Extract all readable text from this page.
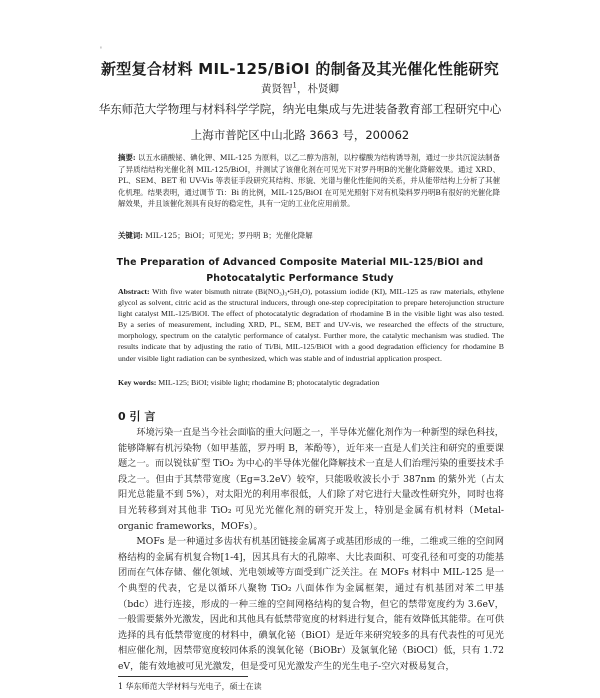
'
新型复合材料 MIL-125/BiOI 的制备及其光催化性能研究
黄贤智$^1$，朴贤卿
华东师范大学物理与材料科学学院，纳光电集成与先进装备教育部工程研究中心
上海市普陀区中山北路 3663 号，200062
摘要: 以五水硝酸铋、碘化钾、MIL-125 为原料，以乙二醇为溶剂，以柠檬酸为结构诱导剂，通过一步共沉淀法制备了异质结结构光催化剂 MIL-125/BiOI，并测试了该催化剂在可见光下对罗丹明B的光催化降解效果。通过 XRD、PL、SEM、BET 和 UV-Vis 等表征手段研究其结构、形貌、光谱与催化性能间的关系，并从能带结构上分析了其催化机理。结果表明，通过调节 Ti：Bi 的比例，MIL-125/BiOI 在可见光照射下对有机染料罗丹明B有很好的光催化降解效果，并且该催化剂具有良好的稳定性，具有一定的工业化应用前景。
关键词: MIL-125；BiOI；可见光；罗丹明 B；光催化降解
The Preparation of Advanced Composite Material MIL-125/BiOI and Photocatalytic Performance Study
Abstract: With five water bismuth nitrate (Bi(NO₃)₃•5H₂O), potassium iodide (KI), MIL-125 as raw materials, ethylene glycol as solvent, citric acid as the structural inducers, through one-step coprecipitation to prepare heterojunction structure light catalyst MIL-125/BiOI. The effect of photocatalytic degradation of rhodamine B in the visible light was also tested. By a series of measurement, including XRD, PL, SEM, BET and UV-vis, we researched the effects of the structure, morphology, spectrum on the catalytic performance of catalyst. Further more, the catalytic mechanism was studied. The results indicate that by adjusting the ratio of Ti/Bi, MIL-125/BiOI with a good degradation efficiency for rhodamine B under visible light radiation can be synthesized, which was stable and of industrial application prospect.
Key words: MIL-125; BiOI; visible light; rhodamine B; photocatalytic degradation
0 引 言

环境污染一直是当今社会面临的重大问题之一，半导体光催化剂作为一种新型的绿色科技，能够降解有机污染物（如甲基蓝，罗丹明 B，苯酚等），近年来一直是人们关注和研究的重要课题之一。而以锐钛矿型 TiO₂ 为中心的半导体光催化降解技术一直是人们治理污染的重要技术手段之一。但由于其禁带宽度（Eg=3.2eV）较窄，只能吸收波长小于 387nm 的紫外光（占太阳光总能量不到 5%），对太阳光的利用率很低，人们除了对它进行大量改性研究外，同时也将目光转移到对其他非 TiO₂ 可见光光催化剂的研究开发上，特别是金属有机材料（Metal-organic frameworks，MOFs）。

MOFs 是一种通过多齿状有机基团链接金属离子或基团形成的一维，二维或三维的空间网格结构的金属有机复合物[1-4]，因其具有大的孔隙率、大比表面积、可变孔径和可变的功能基团而在气体存储、催化领域、光电领域等方面受到广泛关注。在 MOFs 材料中 MIL-125 是一个典型的代表，它是以循环八聚物 TiO₂ 八面体作为金属框架，通过有机基团对苯二甲基（bdc）进行连接，形成的一种三维的空间网格结构的复合物，但它的禁带宽度约为 3.6eV，一般需要紫外光激发，因此和其他具有低禁带宽度的材料进行复合，能有效降低其能带。在可供选择的具有低禁带宽度的材料中，碘氧化铋（BiOI）是近年来研究较多的具有代表性的可见光相应催化剂，因禁带宽度较同体系的溴氧化铋（BiOBr）及氯氧化铋（BiOCl）低，只有 1.72 eV，能有效地被可见光激发，但是受可见光激发产生的光生电子-空穴对极易复合，

1 华东师范大学材料与光电子，硕士在读
